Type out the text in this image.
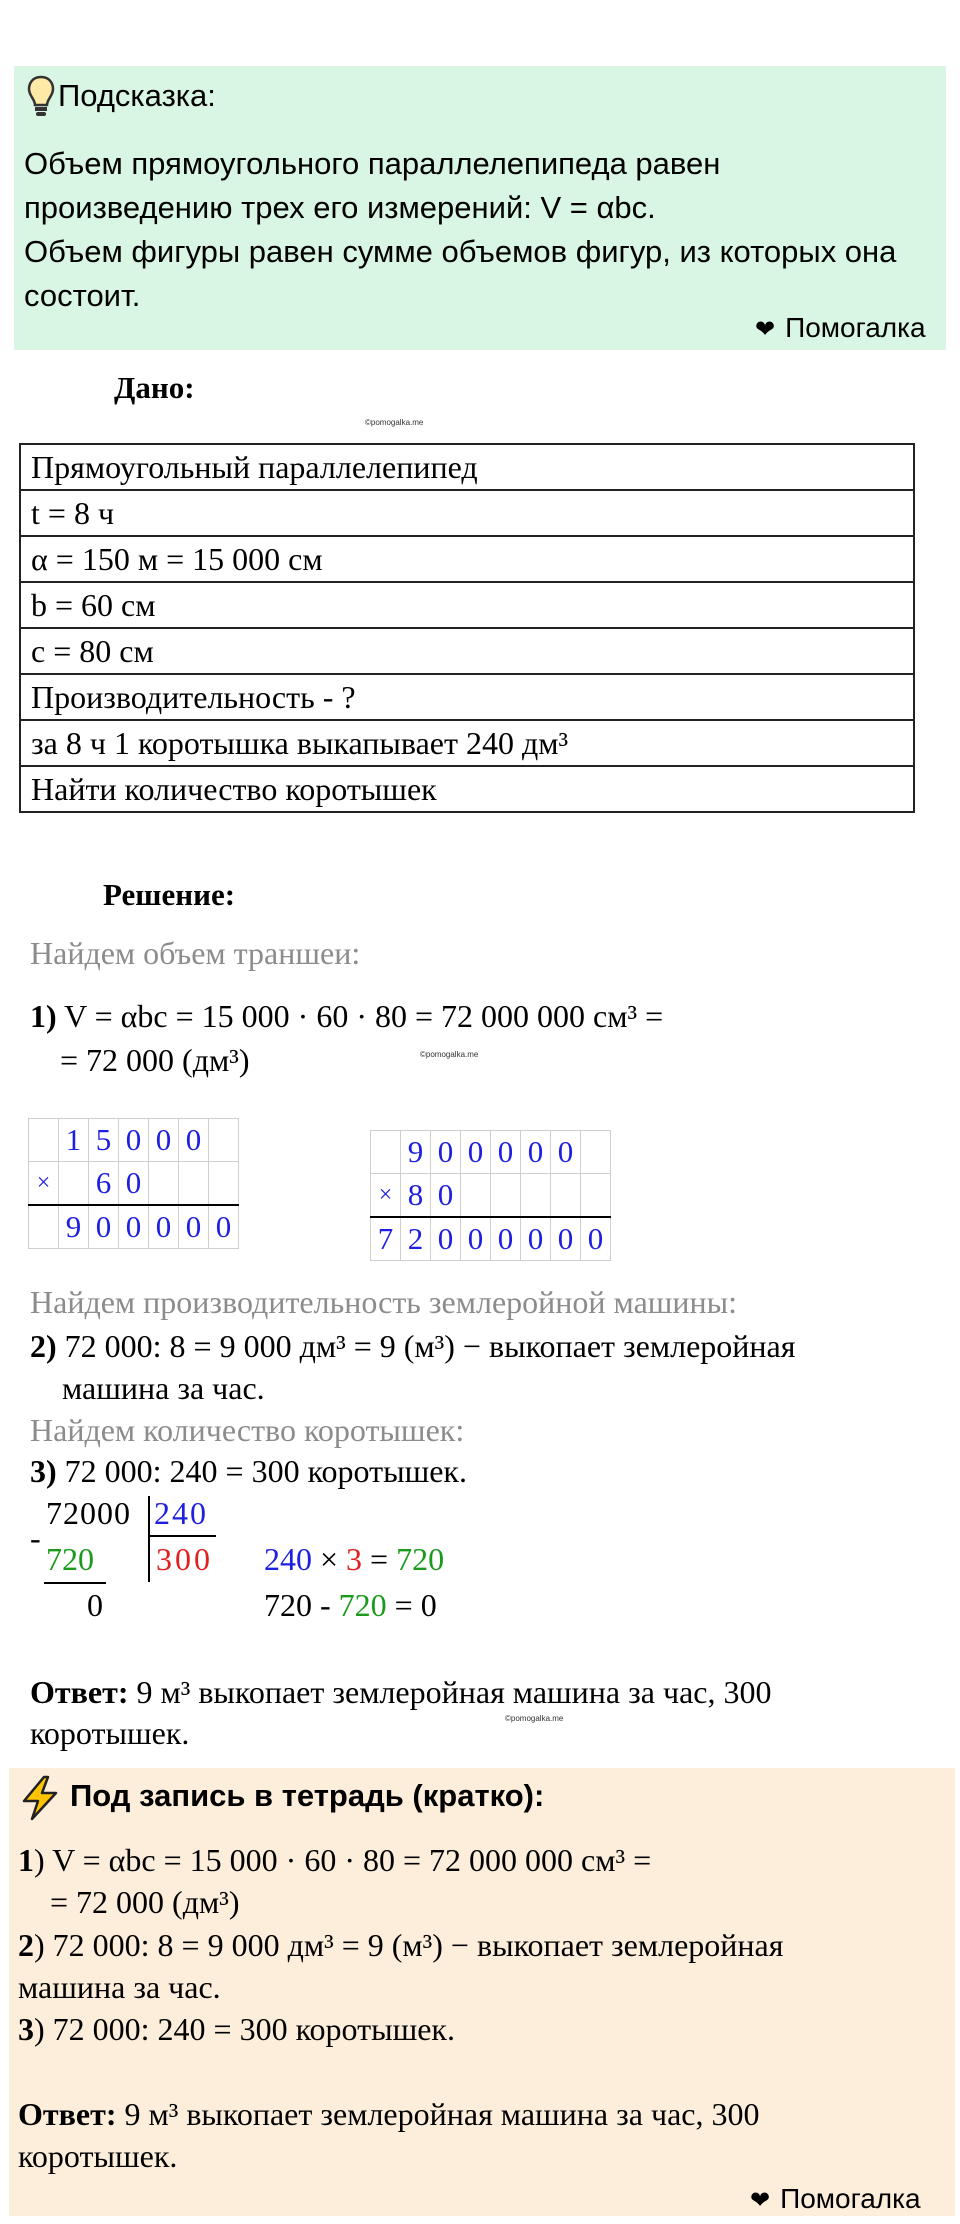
Подсказка:
Объем прямоугольного параллелепипеда равен
произведению трех его измерений: V = αbc.
Объем фигуры равен сумме объемов фигур, из которых она
состоит.
❤ Помогалка
Дано:
©pomogalka.me
Прямоугольный параллелепипед
t = 8 ч
α = 150 м = 15 000 см
b = 60 см
c = 80 см
Производительность - ?
за 8 ч 1 коротышка выкапывает 240 дм³
Найти количество коротышек
Решение:
Найдем объем траншеи:
1) V = αbc = 15 000 · 60 · 80 = 72 000 000 см³ =
= 72 000 (дм³)	©pomogalka.me
	1	5	0	0	0	
×		6	0			
	9	0	0	0	0	0
	9	0	0	0	0	0	
×	8	0					
7	2	0	0	0	0	0	0
Найдем производительность землеройной машины:
2) 72 000: 8 = 9 000 дм³ = 9 (м³) − выкопает землеройная
машина за час.
Найдем количество коротышек:
3) 72 000: 240 = 300 коротышек.
72000 240
-
720 300
0
240 × 3 = 720
720 - 720 = 0
Ответ: 9 м³ выкопает землеройная машина за час, 300
коротышек.	©pomogalka.me
Под запись в тетрадь (кратко):
1) V = αbc = 15 000 · 60 · 80 = 72 000 000 см³ =
= 72 000 (дм³)
2) 72 000: 8 = 9 000 дм³ = 9 (м³) − выкопает землеройная
машина за час.
3) 72 000: 240 = 300 коротышек.
Ответ: 9 м³ выкопает землеройная машина за час, 300
коротышек.
❤ Помогалка
